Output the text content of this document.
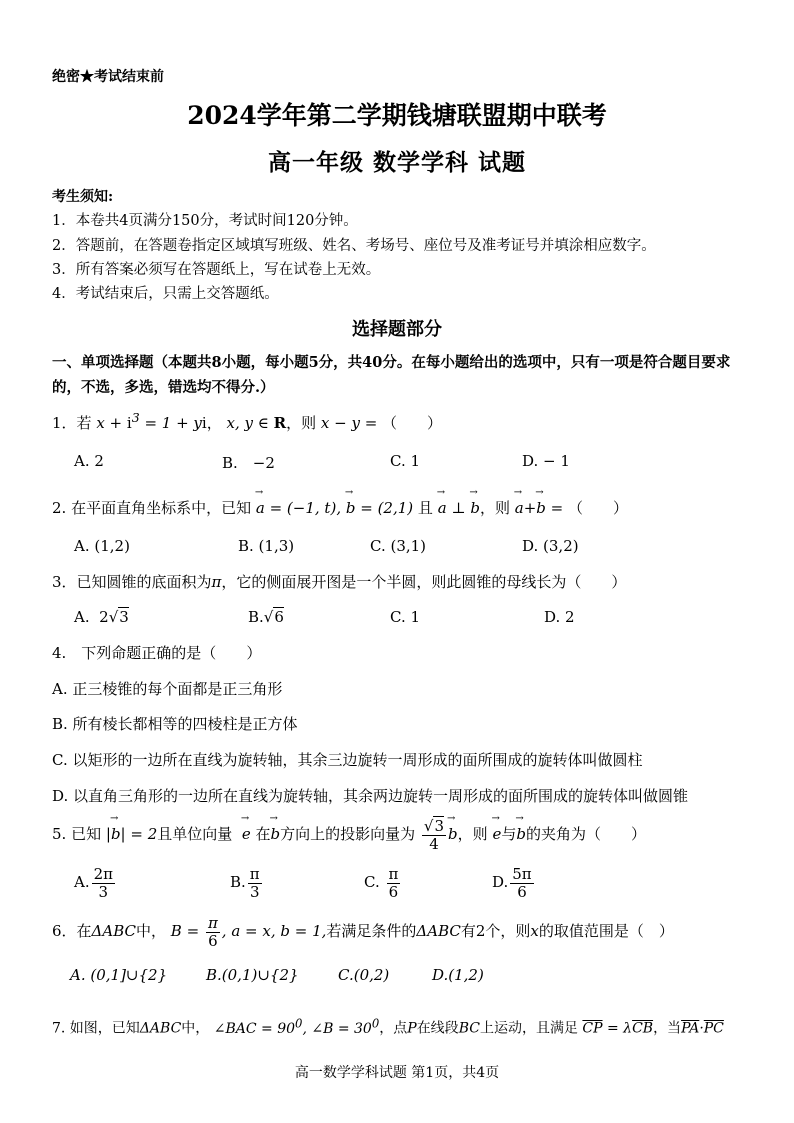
绝密★考试结束前
2024学年第二学期钱塘联盟期中联考
高一年级 数学学科 试题
考生须知:
1．本卷共4页满分150分，考试时间120分钟。
2．答题前，在答题卷指定区域填写班级、姓名、考场号、座位号及准考证号并填涂相应数字。
3．所有答案必须写在答题纸上，写在试卷上无效。
4．考试结束后，只需上交答题纸。
选择题部分
一、单项选择题（本题共8小题，每小题5分，共40分。在每小题给出的选项中，只有一项是符合题目要求的，不选，多选，错选均不得分.）
1．若 $x + i^3 = 1$ + yi， x, y ∈ R，则 x − y = （　　）
A. 2	B.　−2	C. 1	D. − 1
2. 在平面直角坐标系中，已知 → a = (−1, t), → b = (2,1) 且 → a ⊥ → b，则 → a+→ b = （　　）
A. (1,2)	B. (1,3)	C. (3,1)	D. (3,2)
3．已知圆锥的底面积为π，它的侧面展开图是一个半圆，则此圆锥的母线长为（　　）
A.  2√3	B.√6	C. 1	D. 2
4.　下列命题正确的是（　　）
A. 正三棱锥的每个面都是正三角形
B. 所有棱长都相等的四棱柱是正方体
C. 以矩形的一边所在直线为旋转轴，其余三边旋转一周形成的面所围成的旋转体叫做圆柱
D. 以直角三角形的一边所在直线为旋转轴，其余两边旋转一周形成的面所围成的旋转体叫做圆锥
5. 已知 |→ b| = 2且单位向量 → e 在→ b方向上的投影向量为 $\frac{√3}{4} \to b$，则 → e与→ b的夹角为（　　）
A. $\frac{2\pi}{3}$	B. $\frac{\pi}{3}$	C. $\frac{\pi}{6}$	D. $\frac{5\pi}{6}$
6．在ΔABC中， $B = \frac{\pi}{6}$ , a = x, b = 1,若满足条件的ΔABC有2个，则x的取值范围是（　）
A. (0,1]∪{2}	B.(0,1)∪{2}	C.(0,2)	D.(1,2)
7. 如图，已知ΔABC中， ∠BAC = $90^0$, ∠B = $30^0$，点P在线段BC上运动，且满足 $\overline{CP} = \lambda\overline{CB}$，当$\overline{PA}\cdot\overline{PC}$
高一数学学科试题 第1页，共4页
